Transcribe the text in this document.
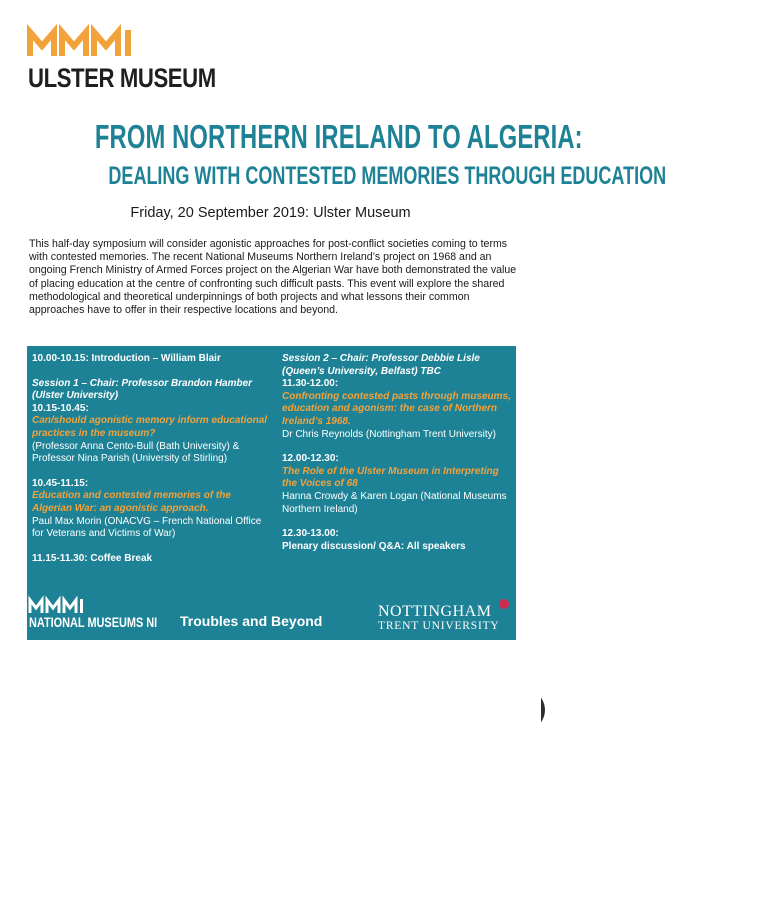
ULSTER MUSEUM
FROM NORTHERN IRELAND TO ALGERIA:
DEALING WITH CONTESTED MEMORIES THROUGH EDUCATION
Friday, 20 September 2019: Ulster Museum
This half-day symposium will consider agonistic approaches for post-conflict societies coming to terms with contested memories. The recent National Museums Northern Ireland’s project on 1968 and an ongoing French Ministry of Armed Forces project on the Algerian War have both demonstrated the value of placing education at the centre of confronting such difficult pasts. This event will explore the shared methodological and theoretical underpinnings of both projects and what lessons their common approaches have to offer in their respective locations and beyond.
10.00-10.15: Introduction – William Blair
Session 1 – Chair: Professor Brandon Hamber (Ulster University)
10.15-10.45:
Can/should agonistic memory inform educational practices in the museum?
(Professor Anna Cento-Bull (Bath University) & Professor Nina Parish (University of Stirling)
10.45-11.15:
Education and contested memories of the Algerian War: an agonistic approach.
Paul Max Morin (ONACVG – French National Office for Veterans and Victims of War)
11.15-11.30: Coffee Break
Session 2 – Chair: Professor Debbie Lisle (Queen’s University, Belfast) TBC
11.30-12.00:
Confronting contested pasts through museums, education and agonism: the case of Northern Ireland’s 1968.
Dr Chris Reynolds (Nottingham Trent University)
12.00-12.30:
The Role of the Ulster Museum in Interpreting the Voices of 68
Hanna Crowdy & Karen Logan (National Museums Northern Ireland)
12.30-13.00:
Plenary discussion/ Q&A: All speakers
NATIONAL MUSEUMS NI Troubles and Beyond
NOTTINGHAM
TRENT UNIVERSITY
